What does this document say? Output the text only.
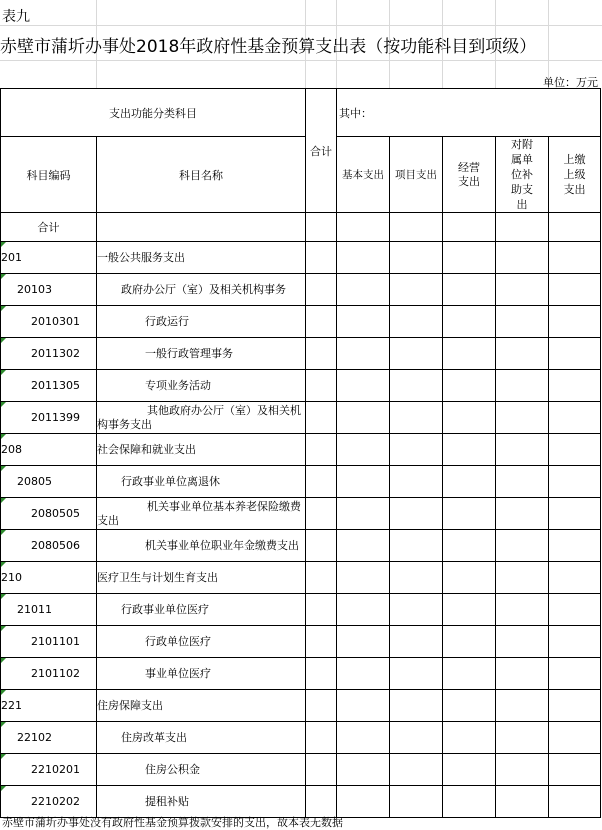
表九
赤壁市蒲圻办事处2018年政府性基金预算支出表（按功能科目到项级）
单位：万元
支出功能分类科目		合计	其中：				
科目编码	科目名称		基本支出	项目支出	经营支出	对附属单位补助支出	上缴上级支出
合计							
201	一般公共服务支出						
20103	政府办公厅（室）及相关机构事务						
2010301	行政运行						
2011302	一般行政管理事务						
2011305	专项业务活动						
2011399	其他政府办公厅（室）及相关机构事务支出						
208	社会保障和就业支出						
20805	行政事业单位离退休						
2080505	机关事业单位基本养老保险缴费支出						
2080506	机关事业单位职业年金缴费支出						
210	医疗卫生与计划生育支出						
21011	行政事业单位医疗						
2101101	行政单位医疗						
2101102	事业单位医疗						
221	住房保障支出						
22102	住房改革支出						
2210201	住房公积金						
2210202	提租补贴						
赤壁市蒲圻办事处没有政府性基金预算拨款安排的支出，故本表无数据
